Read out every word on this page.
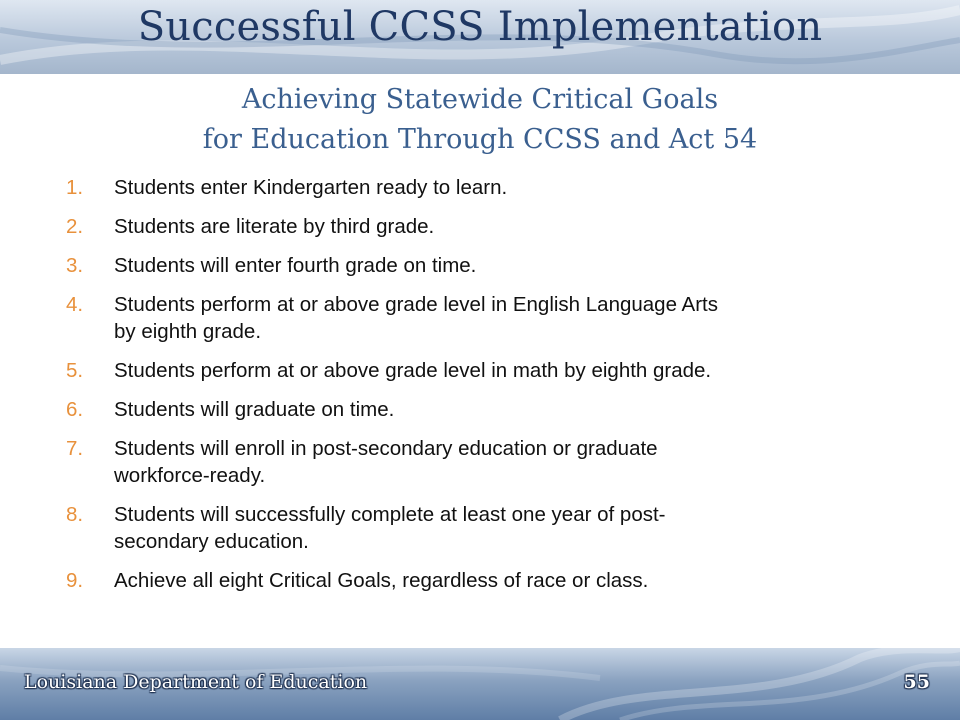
Successful CCSS Implementation
Achieving Statewide Critical Goals
for Education Through CCSS and Act 54
1.	Students enter Kindergarten ready to learn.
2.	Students are literate by third grade.
3.	Students will enter fourth grade on time.
4.	Students perform at or above grade level in English Language Arts
by eighth grade.
5.	Students perform at or above grade level in math by eighth grade.
6.	Students will graduate on time.
7.	Students will enroll in post-secondary education or graduate
workforce-ready.
8.	Students will successfully complete at least one year of post-
secondary education.
9.	Achieve all eight Critical Goals, regardless of race or class.
Louisiana Department of Education	55
